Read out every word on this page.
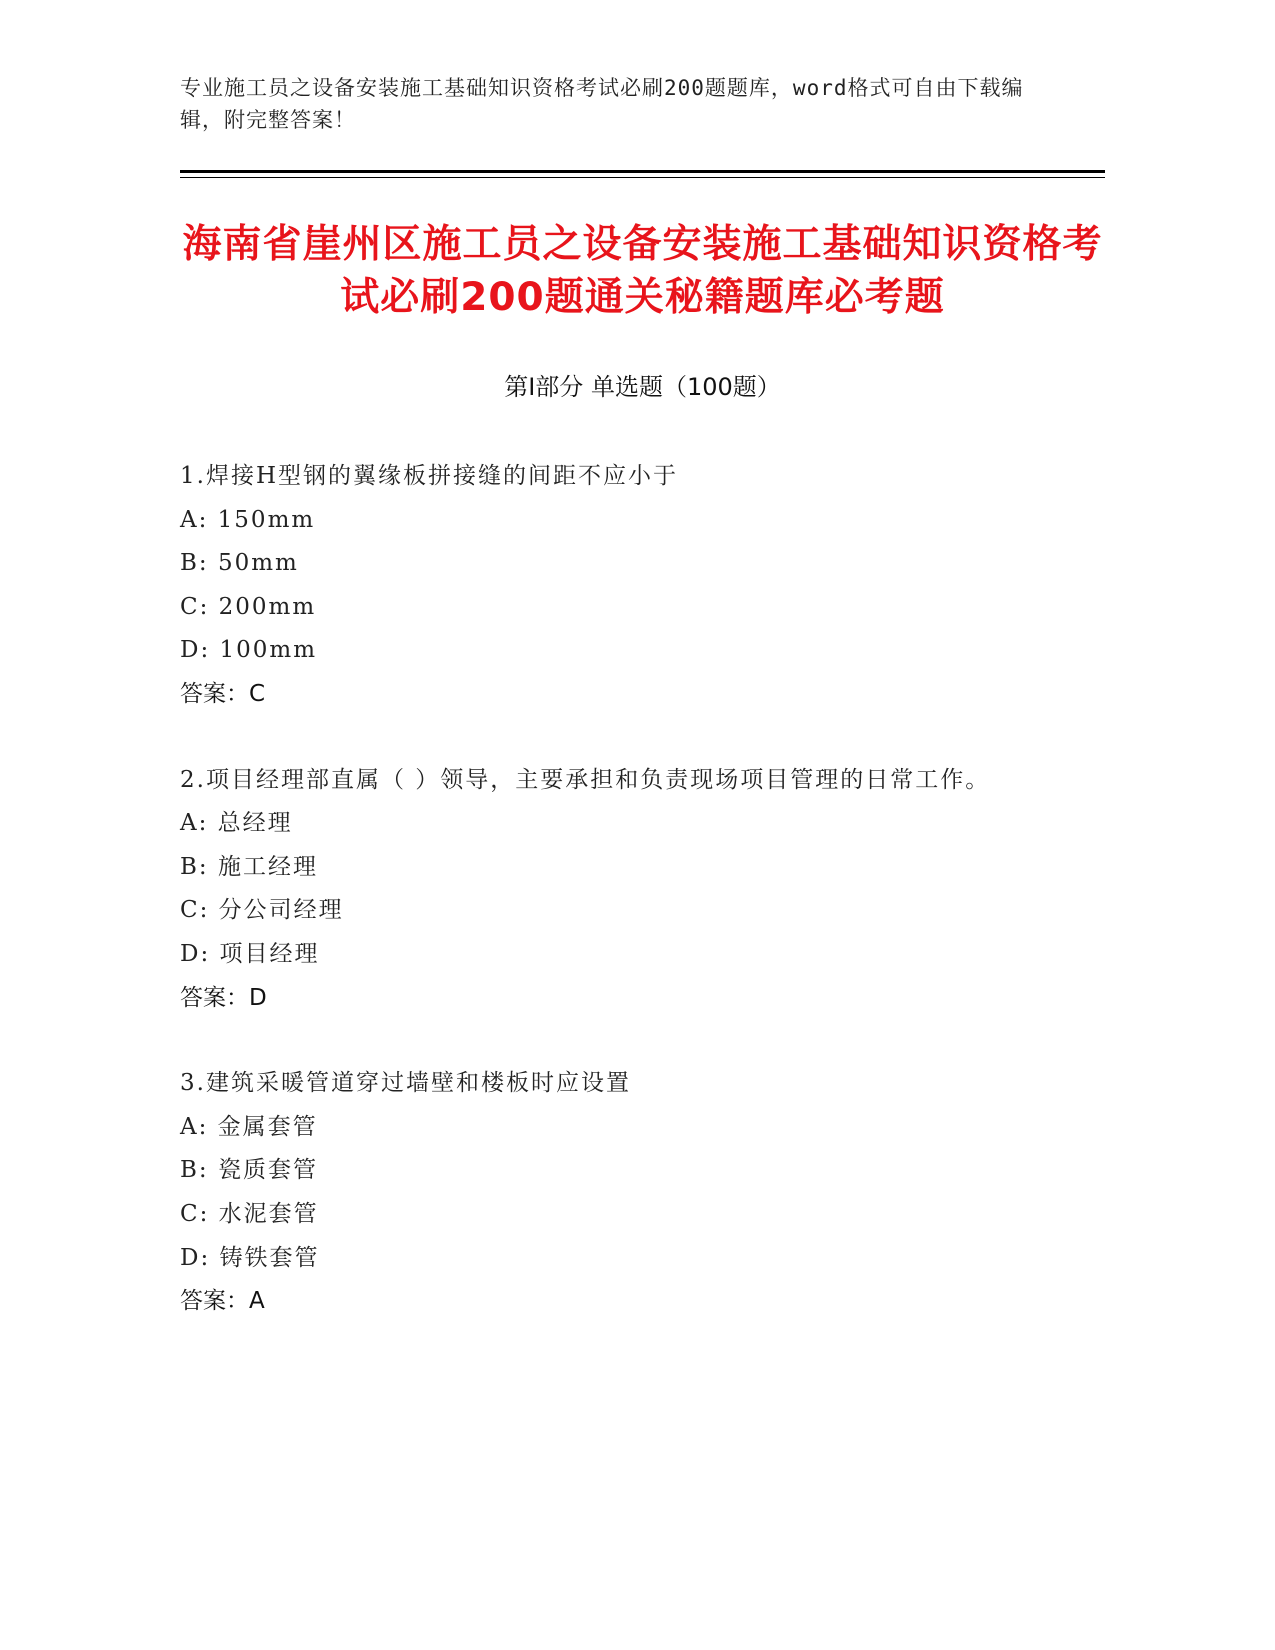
专业施工员之设备安装施工基础知识资格考试必刷200题题库，word格式可自由下载编辑，附完整答案！
海南省崖州区施工员之设备安装施工基础知识资格考试必刷200题通关秘籍题库必考题
第Ⅰ部分 单选题（100题）
1.焊接H型钢的翼缘板拼接缝的间距不应小于
A: 150mm
B: 50mm
C: 200mm
D: 100mm
答案：C
2.项目经理部直属（ ）领导，主要承担和负责现场项目管理的日常工作。
A: 总经理
B: 施工经理
C: 分公司经理
D: 项目经理
答案：D
3.建筑采暖管道穿过墙壁和楼板时应设置
A: 金属套管
B: 瓷质套管
C: 水泥套管
D: 铸铁套管
答案：A
